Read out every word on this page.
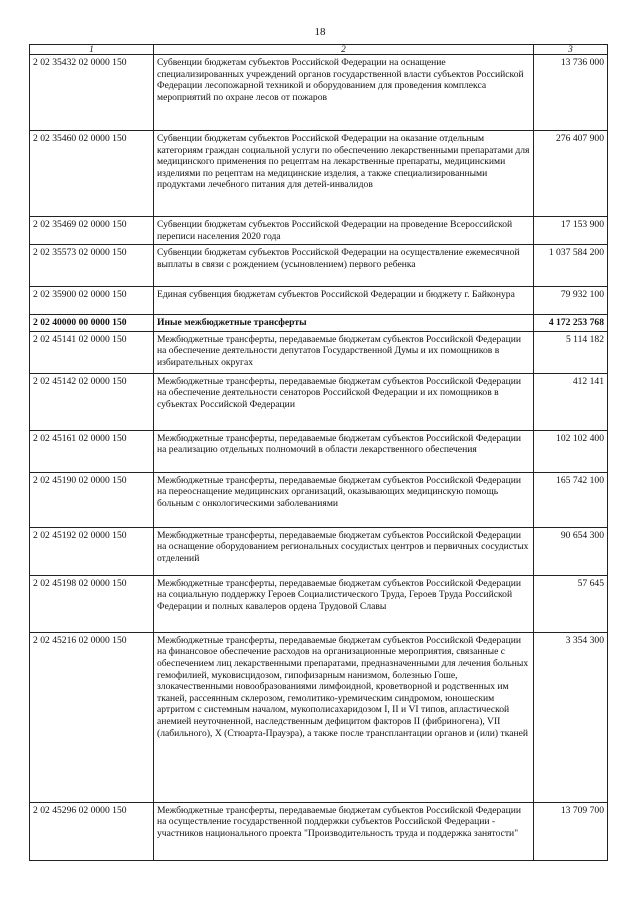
18
1	2	3
2 02 35432 02 0000 150	Субвенции бюджетам субъектов Российской Федерации на оснащение специализированных учреждений органов государственной власти субъектов Российской Федерации лесопожарной техникой и оборудованием для проведения комплекса мероприятий по охране лесов от пожаров	13 736 000
2 02 35460 02 0000 150	Субвенции бюджетам субъектов Российской Федерации на оказание отдельным категориям граждан социальной услуги по обеспечению лекарственными препаратами для медицинского применения по рецептам на лекарственные препараты, медицинскими изделиями по рецептам на медицинские изделия, а также специализированными продуктами лечебного питания для детей-инвалидов	276 407 900
2 02 35469 02 0000 150	Субвенции бюджетам субъектов Российской Федерации на проведение Всероссийской переписи населения 2020 года	17 153 900
2 02 35573 02 0000 150	Субвенции бюджетам субъектов Российской Федерации на осуществление ежемесячной выплаты в связи с рождением (усыновлением) первого ребенка	1 037 584 200
2 02 35900 02 0000 150	Единая субвенция бюджетам субъектов Российской Федерации и бюджету г. Байконура	79 932 100
2 02 40000 00 0000 150	Иные межбюджетные трансферты	4 172 253 768
2 02 45141 02 0000 150	Межбюджетные трансферты, передаваемые бюджетам субъектов Российской Федерации на обеспечение деятельности депутатов Государственной Думы и их помощников в избирательных округах	5 114 182
2 02 45142 02 0000 150	Межбюджетные трансферты, передаваемые бюджетам субъектов Российской Федерации на обеспечение деятельности сенаторов Российской Федерации и их помощников в субъектах Российской Федерации	412 141
2 02 45161 02 0000 150	Межбюджетные трансферты, передаваемые бюджетам субъектов Российской Федерации на реализацию отдельных полномочий в области лекарственного обеспечения	102 102 400
2 02 45190 02 0000 150	Межбюджетные трансферты, передаваемые бюджетам субъектов Российской Федерации на переоснащение медицинских организаций, оказывающих медицинскую помощь больным с онкологическими заболеваниями	165 742 100
2 02 45192 02 0000 150	Межбюджетные трансферты, передаваемые бюджетам субъектов Российской Федерации на оснащение оборудованием региональных сосудистых центров и первичных сосудистых отделений	90 654 300
2 02 45198 02 0000 150	Межбюджетные трансферты, передаваемые бюджетам субъектов Российской Федерации на социальную поддержку Героев Социалистического Труда, Героев Труда Российской Федерации и полных кавалеров ордена Трудовой Славы	57 645
2 02 45216 02 0000 150	Межбюджетные трансферты, передаваемые бюджетам субъектов Российской Федерации на финансовое обеспечение расходов на организационные мероприятия, связанные с обеспечением лиц лекарственными препаратами, предназначенными для лечения больных гемофилией, муковисцидозом, гипофизарным нанизмом, болезнью Гоше, злокачественными новообразованиями лимфоидной, кроветворной и родственных им тканей, рассеянным склерозом, гемолитико-уремическим синдромом, юношеским артритом с системным началом, мукополисахаридозом I, II и VI типов, апластической анемией неуточненной, наследственным дефицитом факторов II (фибриногена), VII (лабильного), X (Стюарта-Прауэра), а также после трансплантации органов и (или) тканей	3 354 300
2 02 45296 02 0000 150	Межбюджетные трансферты, передаваемые бюджетам субъектов Российской Федерации на осуществление государственной поддержки субъектов Российской Федерации - участников национального проекта "Производительность труда и поддержка занятости"	13 709 700
